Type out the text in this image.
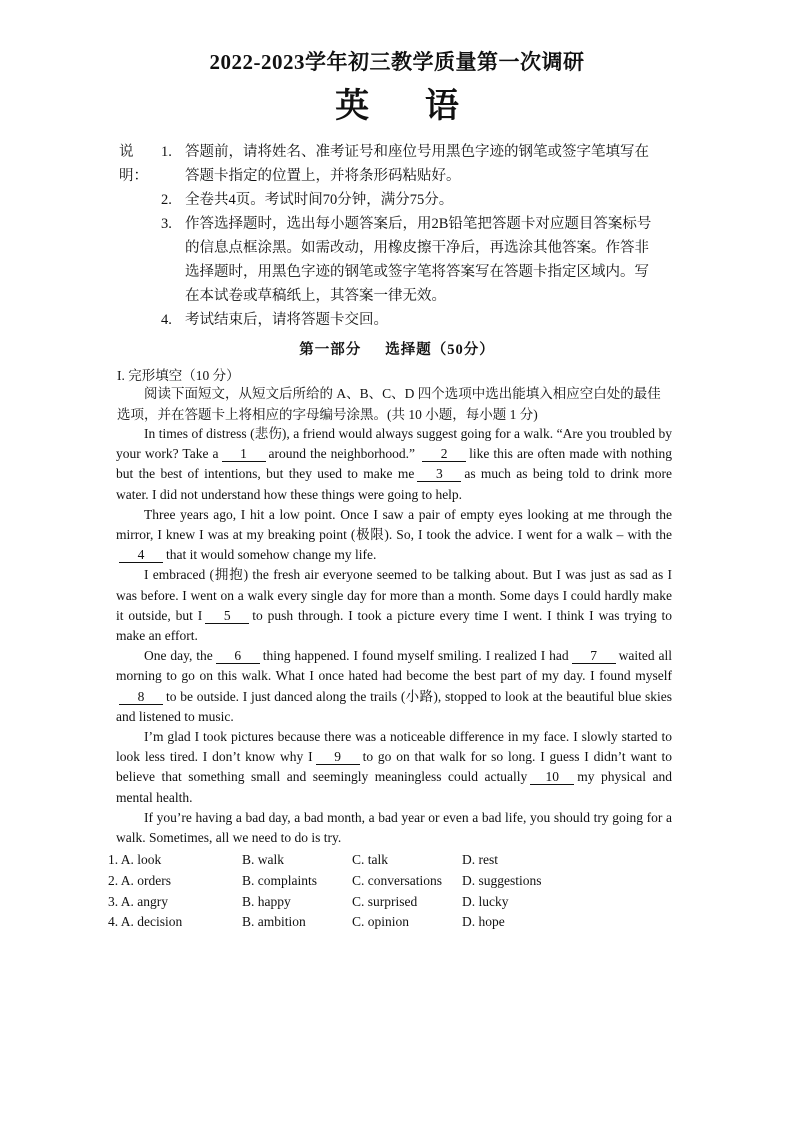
2022-2023学年初三教学质量第一次调研
英 语
说明：
1. 答题前，请将姓名、准考证号和座位号用黑色字迹的钢笔或签字笔填写在
答题卡指定的位置上，并将条形码粘贴好。
2. 全卷共4页。考试时间70分钟，满分75分。
3. 作答选择题时，选出每小题答案后，用2B铅笔把答题卡对应题目答案标号
的信息点框涂黑。如需改动，用橡皮擦干净后，再选涂其他答案。作答非
选择题时，用黑色字迹的钢笔或签字笔将答案写在答题卡指定区域内。写
在本试卷或草稿纸上，其答案一律无效。
4. 考试结束后，请将答题卡交回。
第一部分 选择题（50分）
I. 完形填空（10 分）
阅读下面短文，从短文后所给的 A、B、C、D 四个选项中选出能填入相应空白处的最佳选项，并在答题卡上将相应的字母编号涂黑。(共 10 小题，每小题 1 分)

In times of distress (悲伤), a friend would always suggest going for a walk. “Are you troubled by your work? Take a 1 around the neighborhood.” 2 like this are often made with nothing but the best of intentions, but they used to make me 3 as much as being told to drink more water. I did not understand how these things were going to help.

Three years ago, I hit a low point. Once I saw a pair of empty eyes looking at me through the mirror, I knew I was at my breaking point (极限). So, I took the advice. I went for a walk – with the4 that it would somehow change my life.

I embraced (拥抱) the fresh air everyone seemed to be talking about. But I was just as sad as I was before. I went on a walk every single day for more than a month. Some days I could hardly make it outside, but I 5 to push through. I took a picture every time I went. I think I was trying to make an effort.

One day, the 6 thing happened. I found myself smiling. I realized I had 7 waited all morning to go on this walk. What I once hated had become the best part of my day. I found myself8 to be outside. I just danced along the trails (小路), stopped to look at the beautiful blue skies and listened to music.

I’m glad I took pictures because there was a noticeable difference in my face. I slowly started to look less tired. I don’t know why I 9 to go on that walk for so long. I guess I didn’t want to believe that something small and seemingly meaningless could actually 10 my physical and mental health.

If you’re having a bad day, a bad month, a bad year or even a bad life, you should try going for a walk. Sometimes, all we need to do is try.

1. A. look	B. walk	C. talk	D. rest
2. A. orders	B. complaints	C. conversations	D. suggestions
3. A. angry	B. happy	C. surprised	D. lucky
4. A. decision	B. ambition	C. opinion	D. hope
